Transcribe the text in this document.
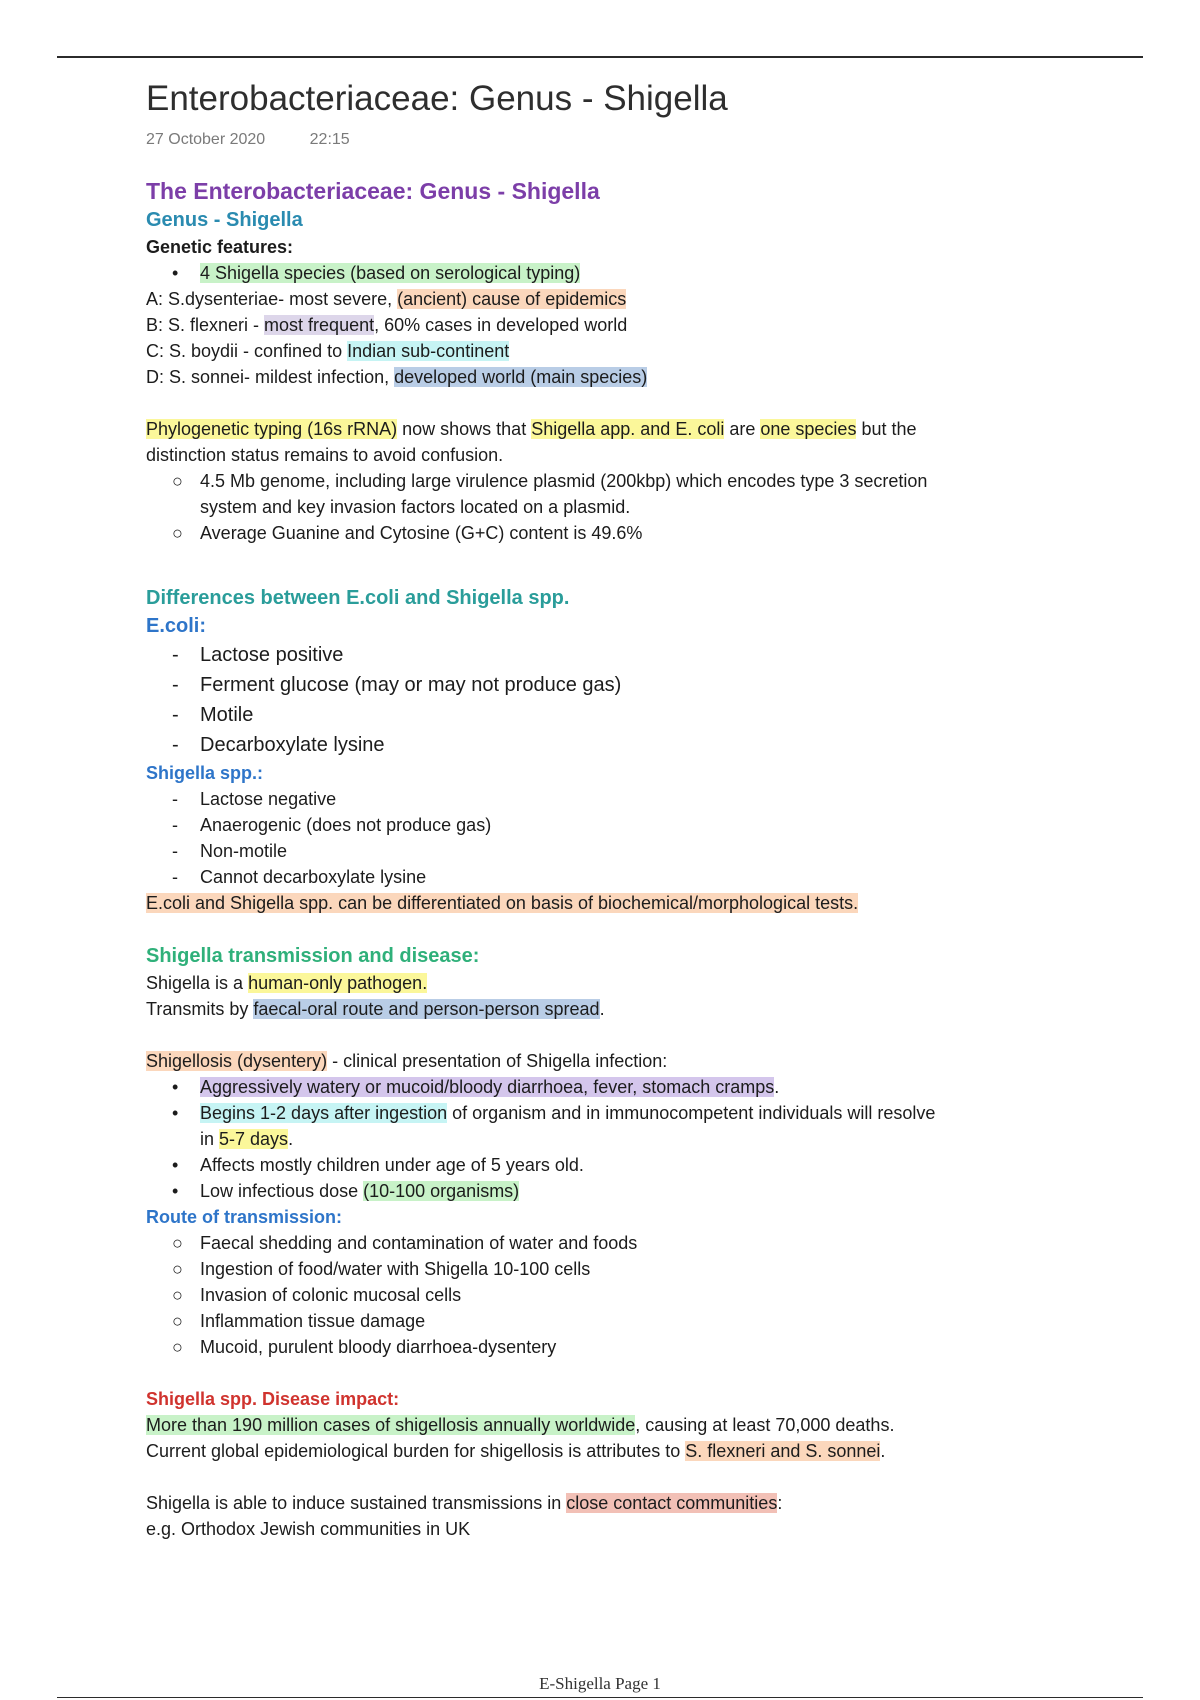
Enterobacteriaceae: Genus - Shigella
27 October 2020	22:15
The Enterobacteriaceae: Genus - Shigella
Genus - Shigella
Genetic features:
• 4 Shigella species (based on serological typing)
A: S.dysenteriae- most severe, (ancient) cause of epidemics
B: S. flexneri - most frequent, 60% cases in developed world
C: S. boydii - confined to Indian sub-continent
D: S. sonnei- mildest infection, developed world (main species)
Phylogenetic typing (16s rRNA) now shows that Shigella app. and E. coli are one species but the
distinction status remains to avoid confusion.
○ 4.5 Mb genome, including large virulence plasmid (200kbp) which encodes type 3 secretion
system and key invasion factors located on a plasmid.
○ Average Guanine and Cytosine (G+C) content is 49.6%
Differences between E.coli and Shigella spp.
E.coli:
- Lactose positive
- Ferment glucose (may or may not produce gas)
- Motile
- Decarboxylate lysine
Shigella spp.:
- Lactose negative
- Anaerogenic (does not produce gas)
- Non-motile
- Cannot decarboxylate lysine
E.coli and Shigella spp. can be differentiated on basis of biochemical/morphological tests.
Shigella transmission and disease:
Shigella is a human-only pathogen.
Transmits by faecal-oral route and person-person spread.
Shigellosis (dysentery) - clinical presentation of Shigella infection:
• Aggressively watery or mucoid/bloody diarrhoea, fever, stomach cramps.
• Begins 1-2 days after ingestion of organism and in immunocompetent individuals will resolve
in 5-7 days.
• Affects mostly children under age of 5 years old.
• Low infectious dose (10-100 organisms)
Route of transmission:
○ Faecal shedding and contamination of water and foods
○ Ingestion of food/water with Shigella 10-100 cells
○ Invasion of colonic mucosal cells
○ Inflammation tissue damage
○ Mucoid, purulent bloody diarrhoea-dysentery
Shigella spp. Disease impact:
More than 190 million cases of shigellosis annually worldwide, causing at least 70,000 deaths.
Current global epidemiological burden for shigellosis is attributes to S. flexneri and S. sonnei.
Shigella is able to induce sustained transmissions in close contact communities:
e.g. Orthodox Jewish communities in UK
E-Shigella Page 1
